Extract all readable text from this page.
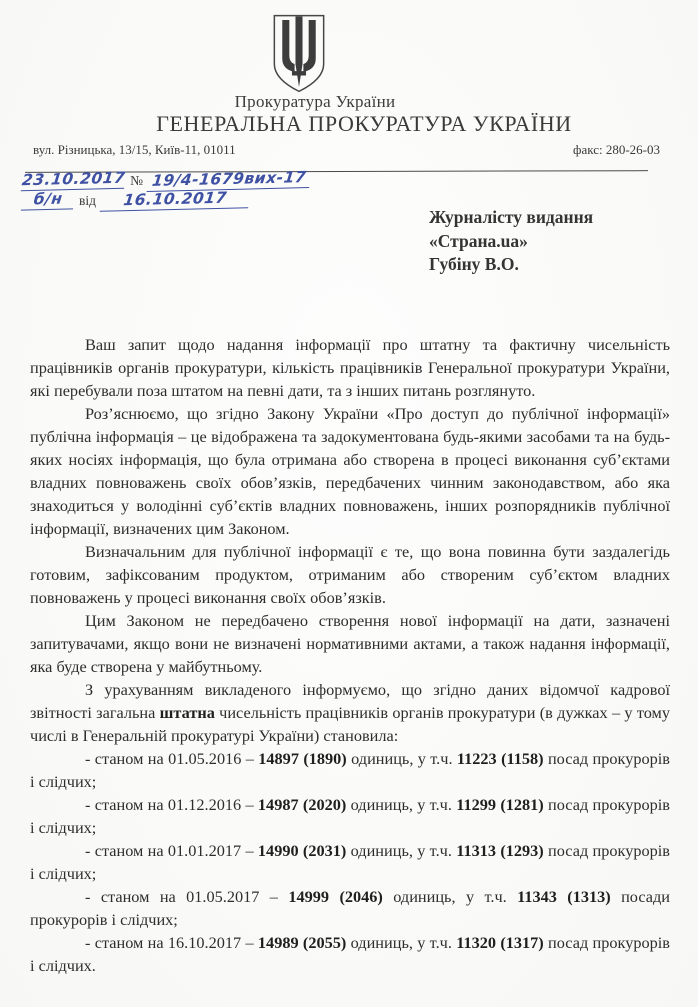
Прокуратура України
ГЕНЕРАЛЬНА ПРОКУРАТУРА УКРАЇНИ
вул. Різницька, 13/15, Київ-11, 01011	факс: 280-26-03
23.10.2017 № 19/4-1679вих-17
б/н	від	16.10.2017
Журналісту видання
«Страна.ua»
Губіну В.О.

Ваш запит щодо надання інформації про штатну та фактичну чисельність працівників органів прокуратури, кількість працівників Генеральної прокуратури України, які перебували поза штатом на певні дати, та з інших питань розглянуто.

Роз’яснюємо, що згідно Закону України «Про доступ до публічної інформації» публічна інформація – це відображена та задокументована будь-якими засобами та на будь-яких носіях інформація, що була отримана або створена в процесі виконання суб’єктами владних повноважень своїх обов’язків, передбачених чинним законодавством, або яка знаходиться у володінні суб’єктів владних повноважень, інших розпорядників публічної інформації, визначених цим Законом.

Визначальним для публічної інформації є те, що вона повинна бути заздалегідь готовим, зафіксованим продуктом, отриманим або створеним суб’єктом владних повноважень у процесі виконання своїх обов’язків.

Цим Законом не передбачено створення нової інформації на дати, зазначені запитувачами, якщо вони не визначені нормативними актами, а також надання інформації, яка буде створена у майбутньому.

З урахуванням викладеного інформуємо, що згідно даних відомчої кадрової звітності загальна штатна чисельність працівників органів прокуратури (в дужках – у тому числі в Генеральній прокуратурі України) становила:

- станом на 01.05.2016 – 14897 (1890) одиниць, у т.ч. 11223 (1158) посад прокурорів і слідчих;

- станом на 01.12.2016 – 14987 (2020) одиниць, у т.ч. 11299 (1281) посад прокурорів і слідчих;

- станом на 01.01.2017 – 14990 (2031) одиниць, у т.ч. 11313 (1293) посад прокурорів і слідчих;

- станом на 01.05.2017 – 14999 (2046) одиниць, у т.ч. 11343 (1313) посади прокурорів і слідчих;

- станом на 16.10.2017 – 14989 (2055) одиниць, у т.ч. 11320 (1317) посад прокурорів і слідчих.
